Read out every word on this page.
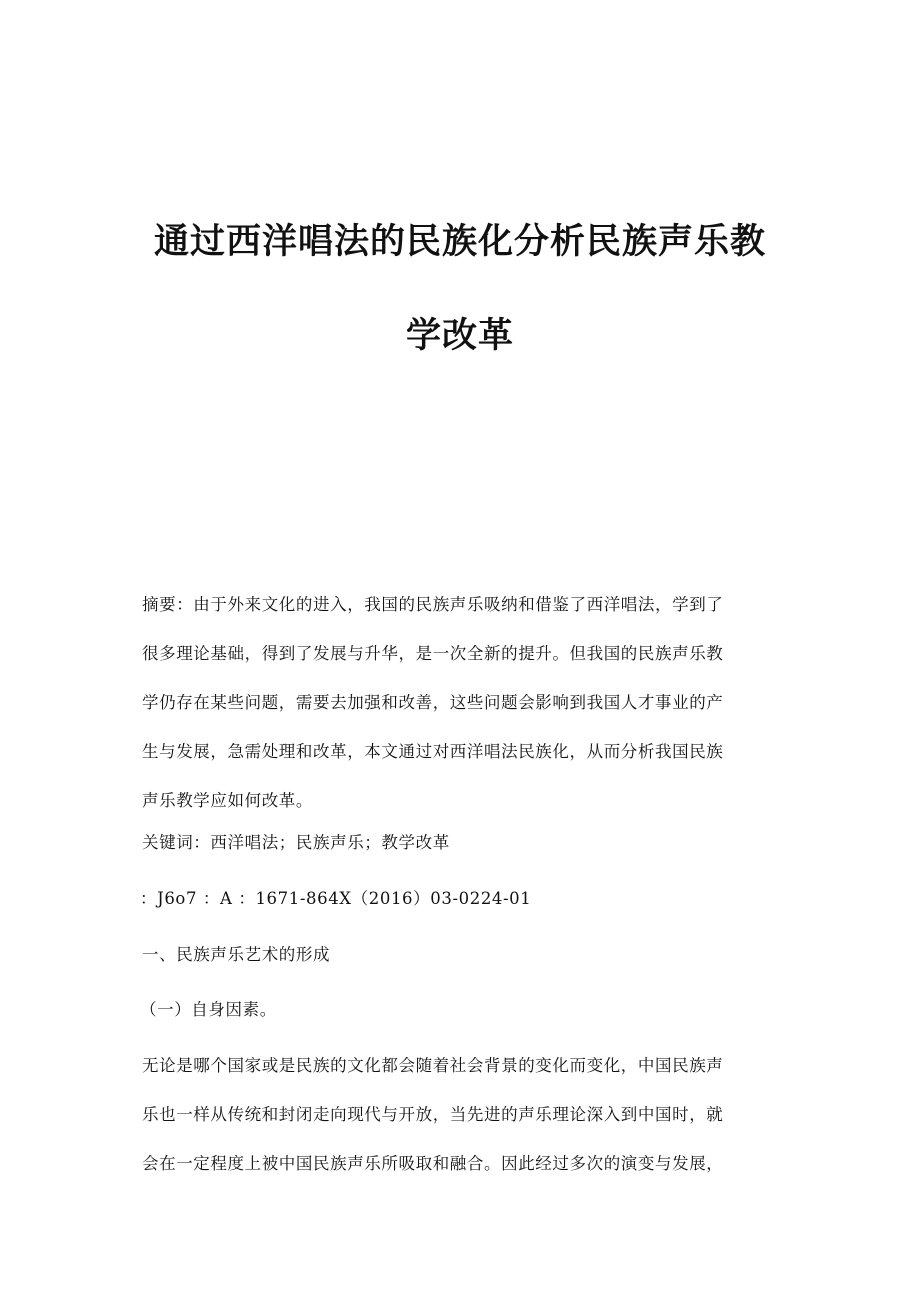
通过西洋唱法的民族化分析民族声乐教
学改革
摘要：由于外来文化的进入，我国的民族声乐吸纳和借鉴了西洋唱法，学到了
很多理论基础，得到了发展与升华，是一次全新的提升。但我国的民族声乐教
学仍存在某些问题，需要去加强和改善，这些问题会影响到我国人才事业的产
生与发展，急需处理和改革，本文通过对西洋唱法民族化，从而分析我国民族
声乐教学应如何改革。
关键词：西洋唱法；民族声乐；教学改革
：J6o7 ：A ：1671-864X（2016）03-0224-01
一、民族声乐艺术的形成
（一）自身因素。
无论是哪个国家或是民族的文化都会随着社会背景的变化而变化，中国民族声
乐也一样从传统和封闭走向现代与开放，当先进的声乐理论深入到中国时，就
会在一定程度上被中国民族声乐所吸取和融合。因此经过多次的演变与发展，
